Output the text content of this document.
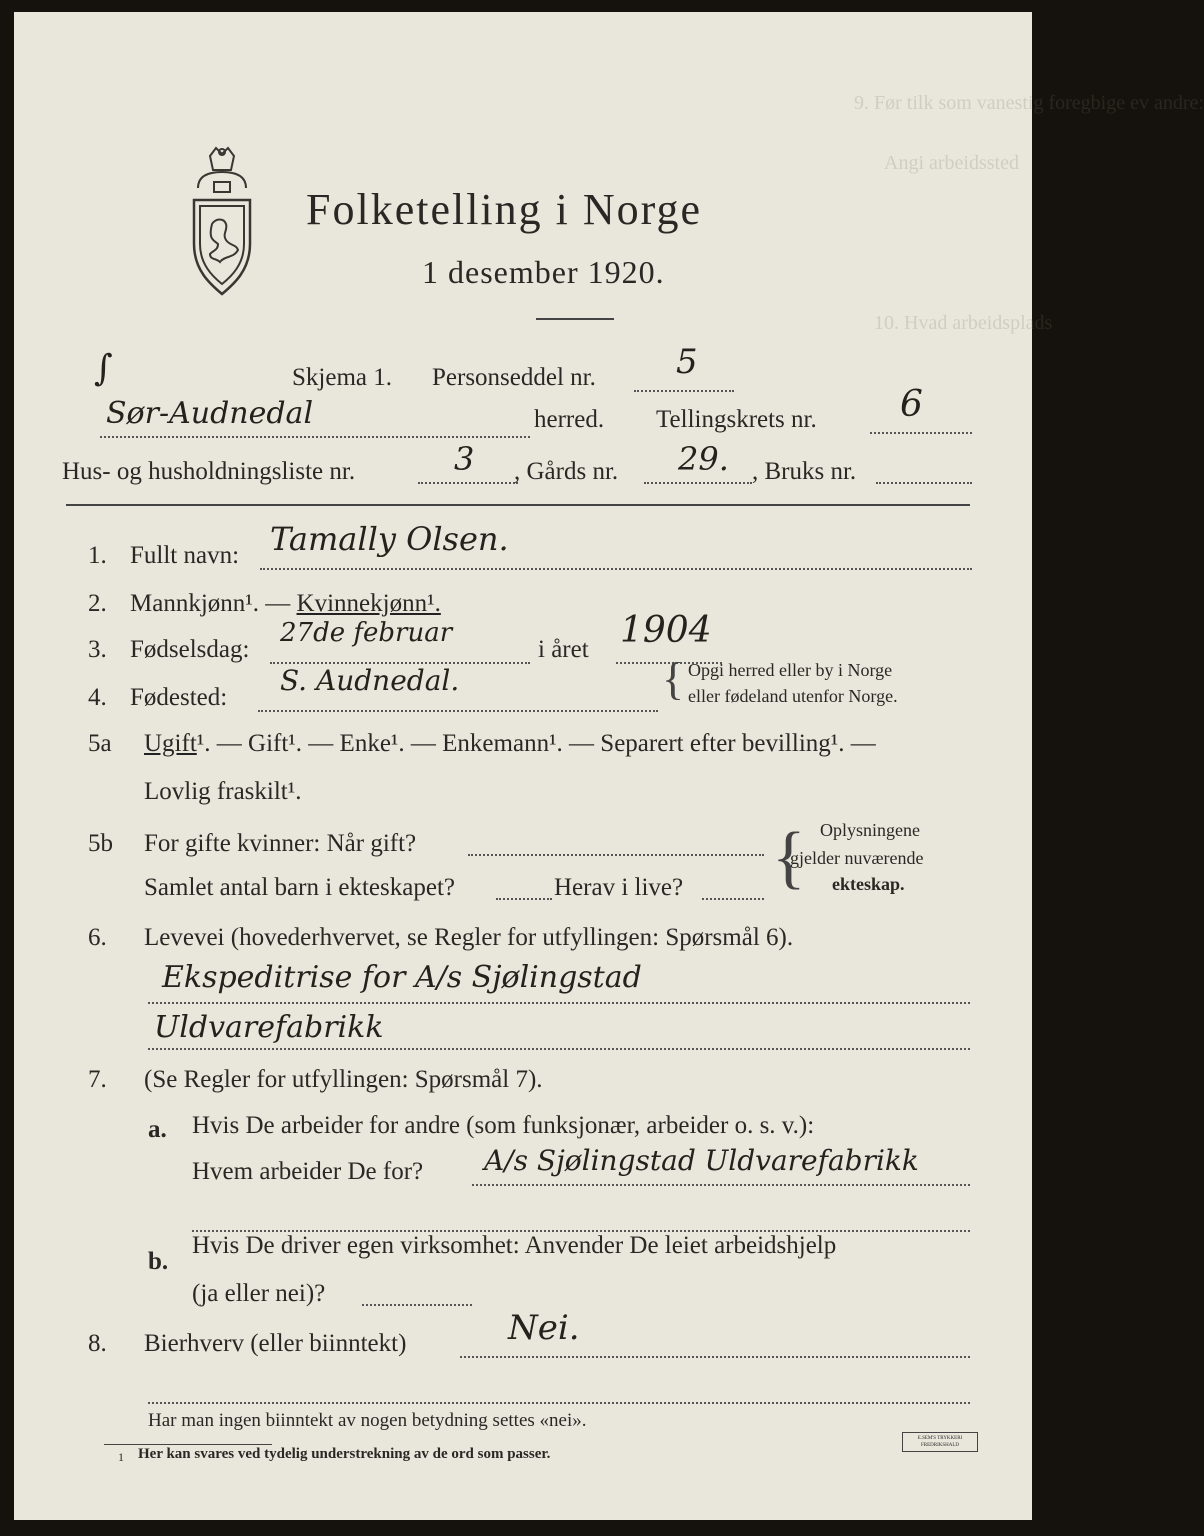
9. Før tilk som vanestig foregbige ev andre:
Angi arbeidssted
10. Hvad arbeidsplads
Folketelling i Norge
1 desember 1920.
∫	Skjema 1. Personseddel nr. 5
Sør-Audnedal	herred. Tellingskrets nr. 6
Hus- og husholdningsliste nr.	3 , Gårds nr. 29. , Bruks nr.
1. Fullt navn: Tamally Olsen.
2. Mannkjønn¹. — Kvinnekjønn¹.
3. Fødselsdag:
27de februar
i året 1904
4. Fødested:
S. Audnedal.	{ Opgi herred eller by i Norge
eller fødeland utenfor Norge.
5a Ugift¹. — Gift¹. — Enke¹. — Enkemann¹. — Separert efter bevilling¹. —
Lovlig fraskilt¹.
5b For gifte kvinner: Når gift?
Samlet antal barn i ekteskapet?	Herav i live? { Oplysningene
gjelder nuværende
ekteskap.
6. Levevei (hovederhvervet, se Regler for utfyllingen: Spørsmål 6).
Ekspeditrise for A/s Sjølingstad
Uldvarefabrikk
7. (Se Regler for utfyllingen: Spørsmål 7).
a. Hvis De arbeider for andre (som funksjonær, arbeider o. s. v.):
Hvem arbeider De for? A/s Sjølingstad Uldvarefabrikk
b.
Hvis De driver egen virksomhet: Anvender De leiet arbeidshjelp
(ja eller nei)?
8. Bierhverv (eller biinntekt)	Nei.
Har man ingen biinntekt av nogen betydning settes «nei».
1 Her kan svares ved tydelig understrekning av de ord som passer.
E.SEM'S TRYKKERI FREDRIKSHALD
